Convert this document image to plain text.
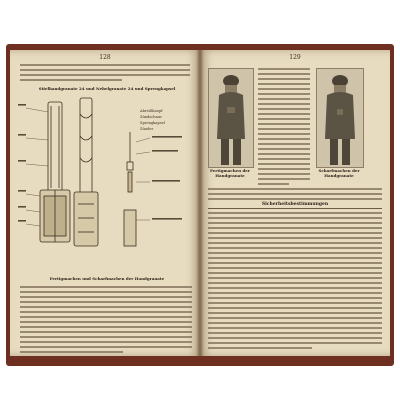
128
Stielhandgranate 24 und Nebelgranate 24 und Sprengkapsel
Abreißknopf
Zündschnur
Sprengkapsel
Zünder
Fertigmachen und Scharfmachen der Handgranate
129
Fertigmachen der Handgranate
Scharfmachen der Handgranate
Sicherheitsbestimmungen
